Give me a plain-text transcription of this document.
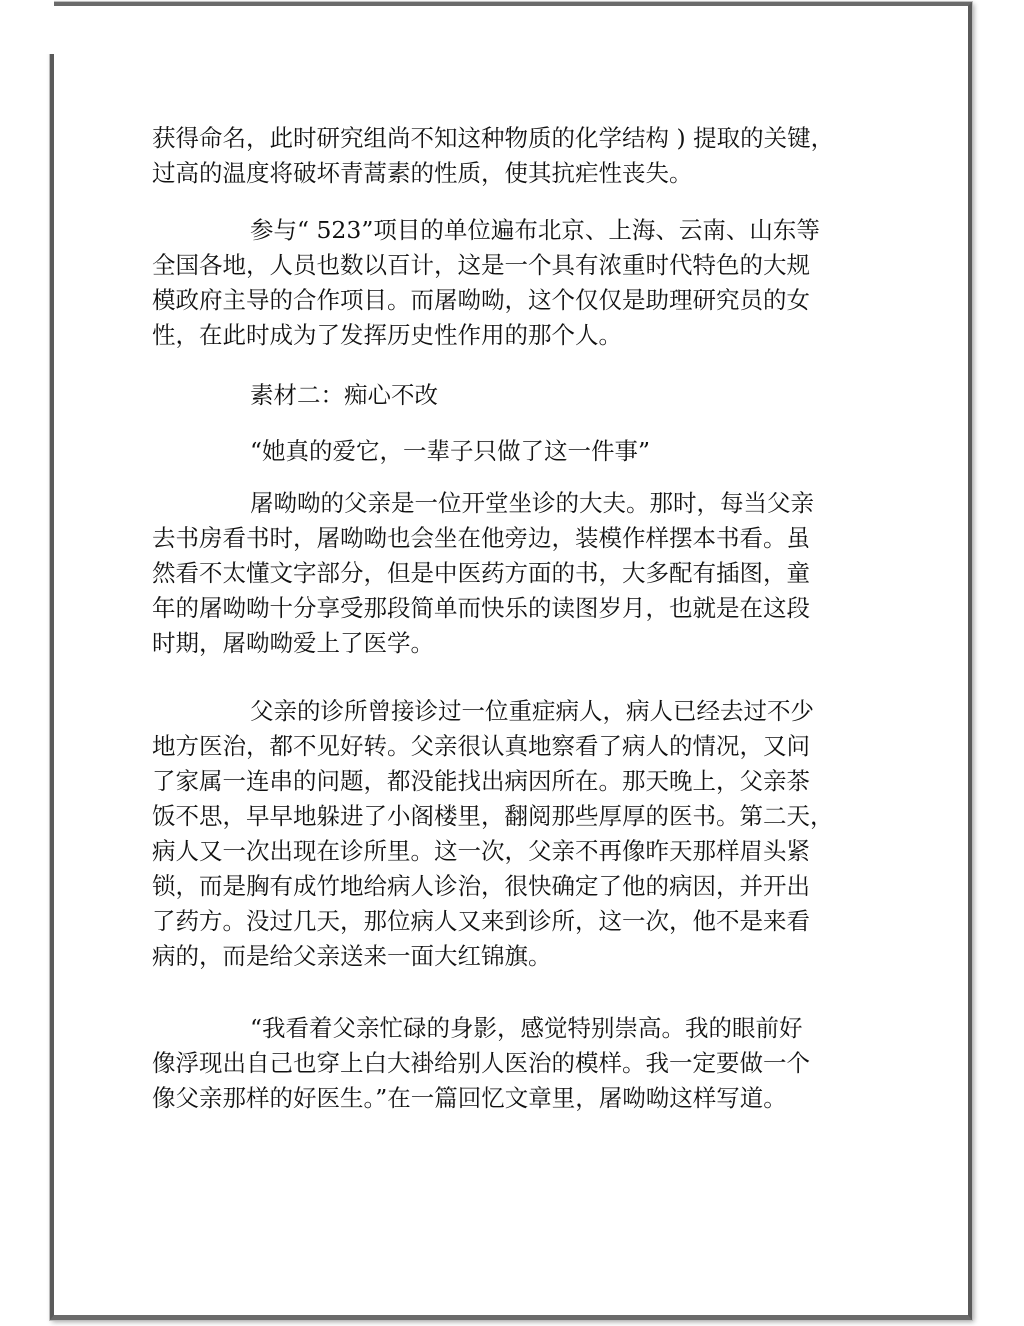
获得命名，此时研究组尚不知这种物质的化学结构 ) 提取的关键，
过高的温度将破坏青蒿素的性质，使其抗疟性丧失。

参与“ 523”项目的单位遍布北京、上海、云南、山东等
全国各地，人员也数以百计，这是一个具有浓重时代特色的大规
模政府主导的合作项目。而屠呦呦，这个仅仅是助理研究员的女
性，在此时成为了发挥历史性作用的那个人。

素材二：痴心不改

“她真的爱它，一辈子只做了这一件事”

屠呦呦的父亲是一位开堂坐诊的大夫。那时，每当父亲
去书房看书时，屠呦呦也会坐在他旁边，装模作样摆本书看。虽
然看不太懂文字部分，但是中医药方面的书，大多配有插图，童
年的屠呦呦十分享受那段简单而快乐的读图岁月，也就是在这段
时期，屠呦呦爱上了医学。

父亲的诊所曾接诊过一位重症病人，病人已经去过不少
地方医治，都不见好转。父亲很认真地察看了病人的情况，又问
了家属一连串的问题，都没能找出病因所在。那天晚上，父亲茶
饭不思，早早地躲进了小阁楼里，翻阅那些厚厚的医书。第二天，
病人又一次出现在诊所里。这一次，父亲不再像昨天那样眉头紧
锁，而是胸有成竹地给病人诊治，很快确定了他的病因，并开出
了药方。没过几天，那位病人又来到诊所，这一次，他不是来看
病的，而是给父亲送来一面大红锦旗。

“我看着父亲忙碌的身影，感觉特别崇高。我的眼前好
像浮现出自己也穿上白大褂给别人医治的模样。我一定要做一个
像父亲那样的好医生。”在一篇回忆文章里，屠呦呦这样写道。
